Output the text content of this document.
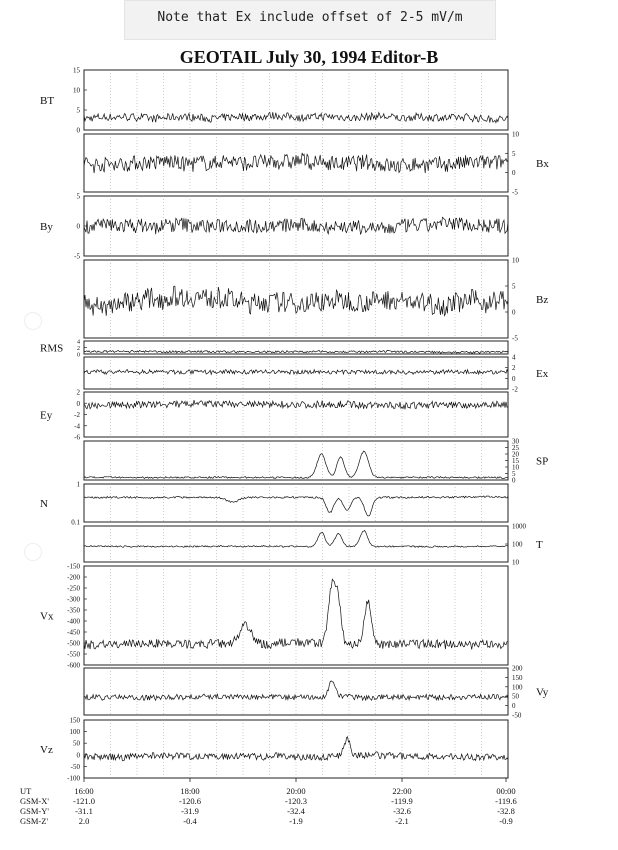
Note that Ex include offset of 2-5 mV/m
GEOTAIL July 30, 1994 Editor-B
15
10
5
0
BT
10
5
0
-5
Bx
5
0
-5
By
10
5
0
-5
Bz
4
2
0
RMS
4
2
0
-2
Ex
2
0
-2
-4
-6
Ey
30
25
20
15
10
5
0
SP
1
0.1
N
1000
100
10
T
-150
-200
-250
-300
-350
-400
-450
-500
-550
-600
Vx
200
150
100
50
0
-50
Vy
150
100
50
0
-50
-100
Vz
UT
GSM-X'
GSM-Y'
GSM-Z'
16:00
-121.0
-31.1
2.0
18:00
-120.6
-31.9
-0.4
20:00
-120.3
-32.4
-1.9
22:00
-119.9
-32.6
-2.1
00:00
-119.6
-32.8
-0.9
